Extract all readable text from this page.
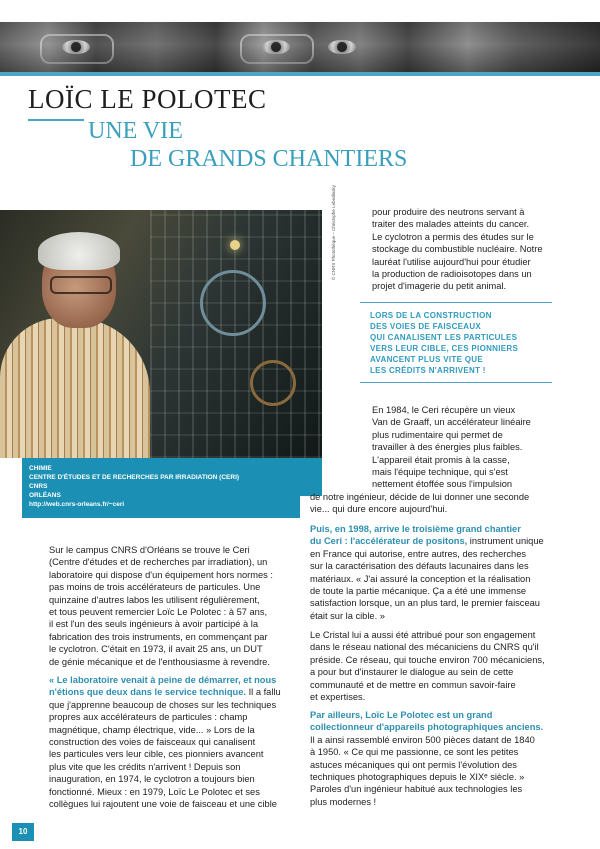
LOÏC LE POLOTEC
UNE VIE
DE GRANDS CHANTIERS
© CNRS Photothèque – Christophe Lebedinsky
CHIMIE
CENTRE D'ÉTUDES ET DE RECHERCHES PAR IRRADIATION (CERI)
CNRS
ORLÉANS
http://web.cnrs-orleans.fr/~ceri
Sur le campus CNRS d'Orléans se trouve le Ceri
(Centre d'études et de recherches par irradiation), un
laboratoire qui dispose d'un équipement hors normes :
pas moins de trois accélérateurs de particules. Une
quinzaine d'autres labos les utilisent régulièrement,
et tous peuvent remercier Loïc Le Polotec : à 57 ans,
il est l'un des seuls ingénieurs à avoir participé à la
fabrication des trois instruments, en commençant par
le cyclotron. C'était en 1973, il avait 25 ans, un DUT
de génie mécanique et de l'enthousiasme à revendre.
« Le laboratoire venait à peine de démarrer, et nous
n'étions que deux dans le service technique. Il a fallu
que j'apprenne beaucoup de choses sur les techniques
propres aux accélérateurs de particules : champ
magnétique, champ électrique, vide... » Lors de la
construction des voies de faisceaux qui canalisent
les particules vers leur cible, ces pionniers avancent
plus vite que les crédits n'arrivent ! Depuis son
inauguration, en 1974, le cyclotron a toujours bien
fonctionné. Mieux : en 1979, Loïc Le Polotec et ses
collègues lui rajoutent une voie de faisceau et une cible
pour produire des neutrons servant à
traiter des malades atteints du cancer.
Le cyclotron a permis des études sur le
stockage du combustible nucléaire. Notre
lauréat l'utilise aujourd'hui pour étudier
la production de radioisotopes dans un
projet d'imagerie du petit animal.
LORS DE LA CONSTRUCTION
DES VOIES DE FAISCEAUX
QUI CANALISENT LES PARTICULES
VERS LEUR CIBLE, CES PIONNIERS
AVANCENT PLUS VITE QUE
LES CRÉDITS N'ARRIVENT !
En 1984, le Ceri récupère un vieux
Van de Graaff, un accélérateur linéaire
plus rudimentaire qui permet de
travailler à des énergies plus faibles.
L'appareil était promis à la casse,
mais l'équipe technique, qui s'est
nettement étoffée sous l'impulsion
de notre ingénieur, décide de lui donner une seconde
vie... qui dure encore aujourd'hui.
Puis, en 1998, arrive le troisième grand chantier
du Ceri : l'accélérateur de positons, instrument unique
en France qui autorise, entre autres, des recherches
sur la caractérisation des défauts lacunaires dans les
matériaux. « J'ai assuré la conception et la réalisation
de toute la partie mécanique. Ça a été une immense
satisfaction lorsque, un an plus tard, le premier faisceau
était sur la cible. »
Le Cristal lui a aussi été attribué pour son engagement
dans le réseau national des mécaniciens du CNRS qu'il
préside. Ce réseau, qui touche environ 700 mécaniciens,
a pour but d'instaurer le dialogue au sein de cette
communauté et de mettre en commun savoir-faire
et expertises.
Par ailleurs, Loïc Le Polotec est un grand
collectionneur d'appareils photographiques anciens.
Il a ainsi rassemblé environ 500 pièces datant de 1840
à 1950. « Ce qui me passionne, ce sont les petites
astuces mécaniques qui ont permis l'évolution des
techniques photographiques depuis le XIXᵉ siècle. »
Paroles d'un ingénieur habitué aux technologies les
plus modernes !
10
